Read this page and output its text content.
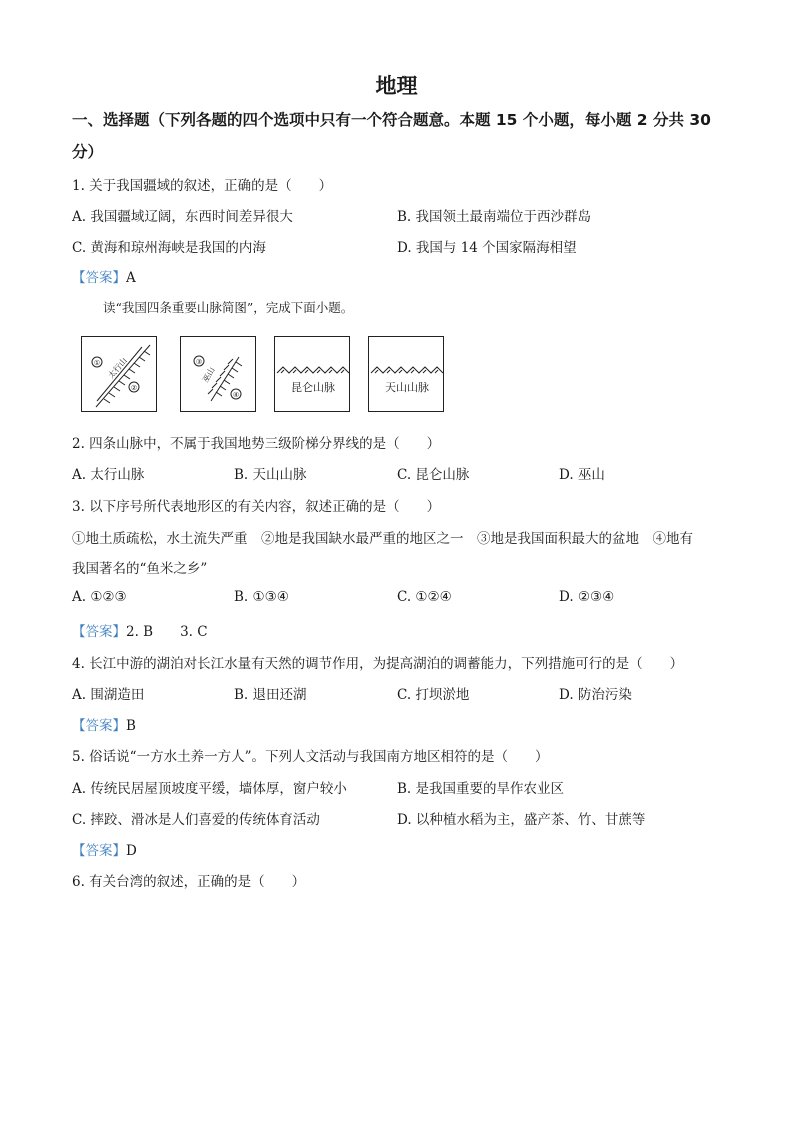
地理
一、选择题（下列各题的四个选项中只有一个符合题意。本题 15 个小题，每小题 2 分共 30
分）
1. 关于我国疆域的叙述，正确的是（　　）
A. 我国疆域辽阔，东西时间差异很大	B. 我国领土最南端位于西沙群岛
C. 黄海和琼州海峡是我国的内海	D. 我国与 14 个国家隔海相望
【答案】A
读“我国四条重要山脉简图”，完成下面小题。
①
②
太行山	③
④
巫山
昆仑山脉	天山山脉
2. 四条山脉中，不属于我国地势三级阶梯分界线的是（　　）
A. 太行山脉	B. 天山山脉	C. 昆仑山脉	D. 巫山
3. 以下序号所代表地形区的有关内容，叙述正确的是（　　）
①地土质疏松，水土流失严重　②地是我国缺水最严重的地区之一　③地是我国面积最大的盆地　④地有
我国著名的“鱼米之乡”
A. ①②③	B. ①③④	C. ①②④	D. ②③④
【答案】2. B　　3. C
4. 长江中游的湖泊对长江水量有天然的调节作用，为提高湖泊的调蓄能力，下列措施可行的是（　　）
A. 围湖造田	B. 退田还湖	C. 打坝淤地	D. 防治污染
【答案】B
5. 俗话说“一方水土养一方人”。下列人文活动与我国南方地区相符的是（　　）
A. 传统民居屋顶坡度平缓，墙体厚，窗户较小	B. 是我国重要的旱作农业区
C. 摔跤、滑冰是人们喜爱的传统体育活动	D. 以种植水稻为主，盛产茶、竹、甘蔗等
【答案】D
6. 有关台湾的叙述，正确的是（　　）
